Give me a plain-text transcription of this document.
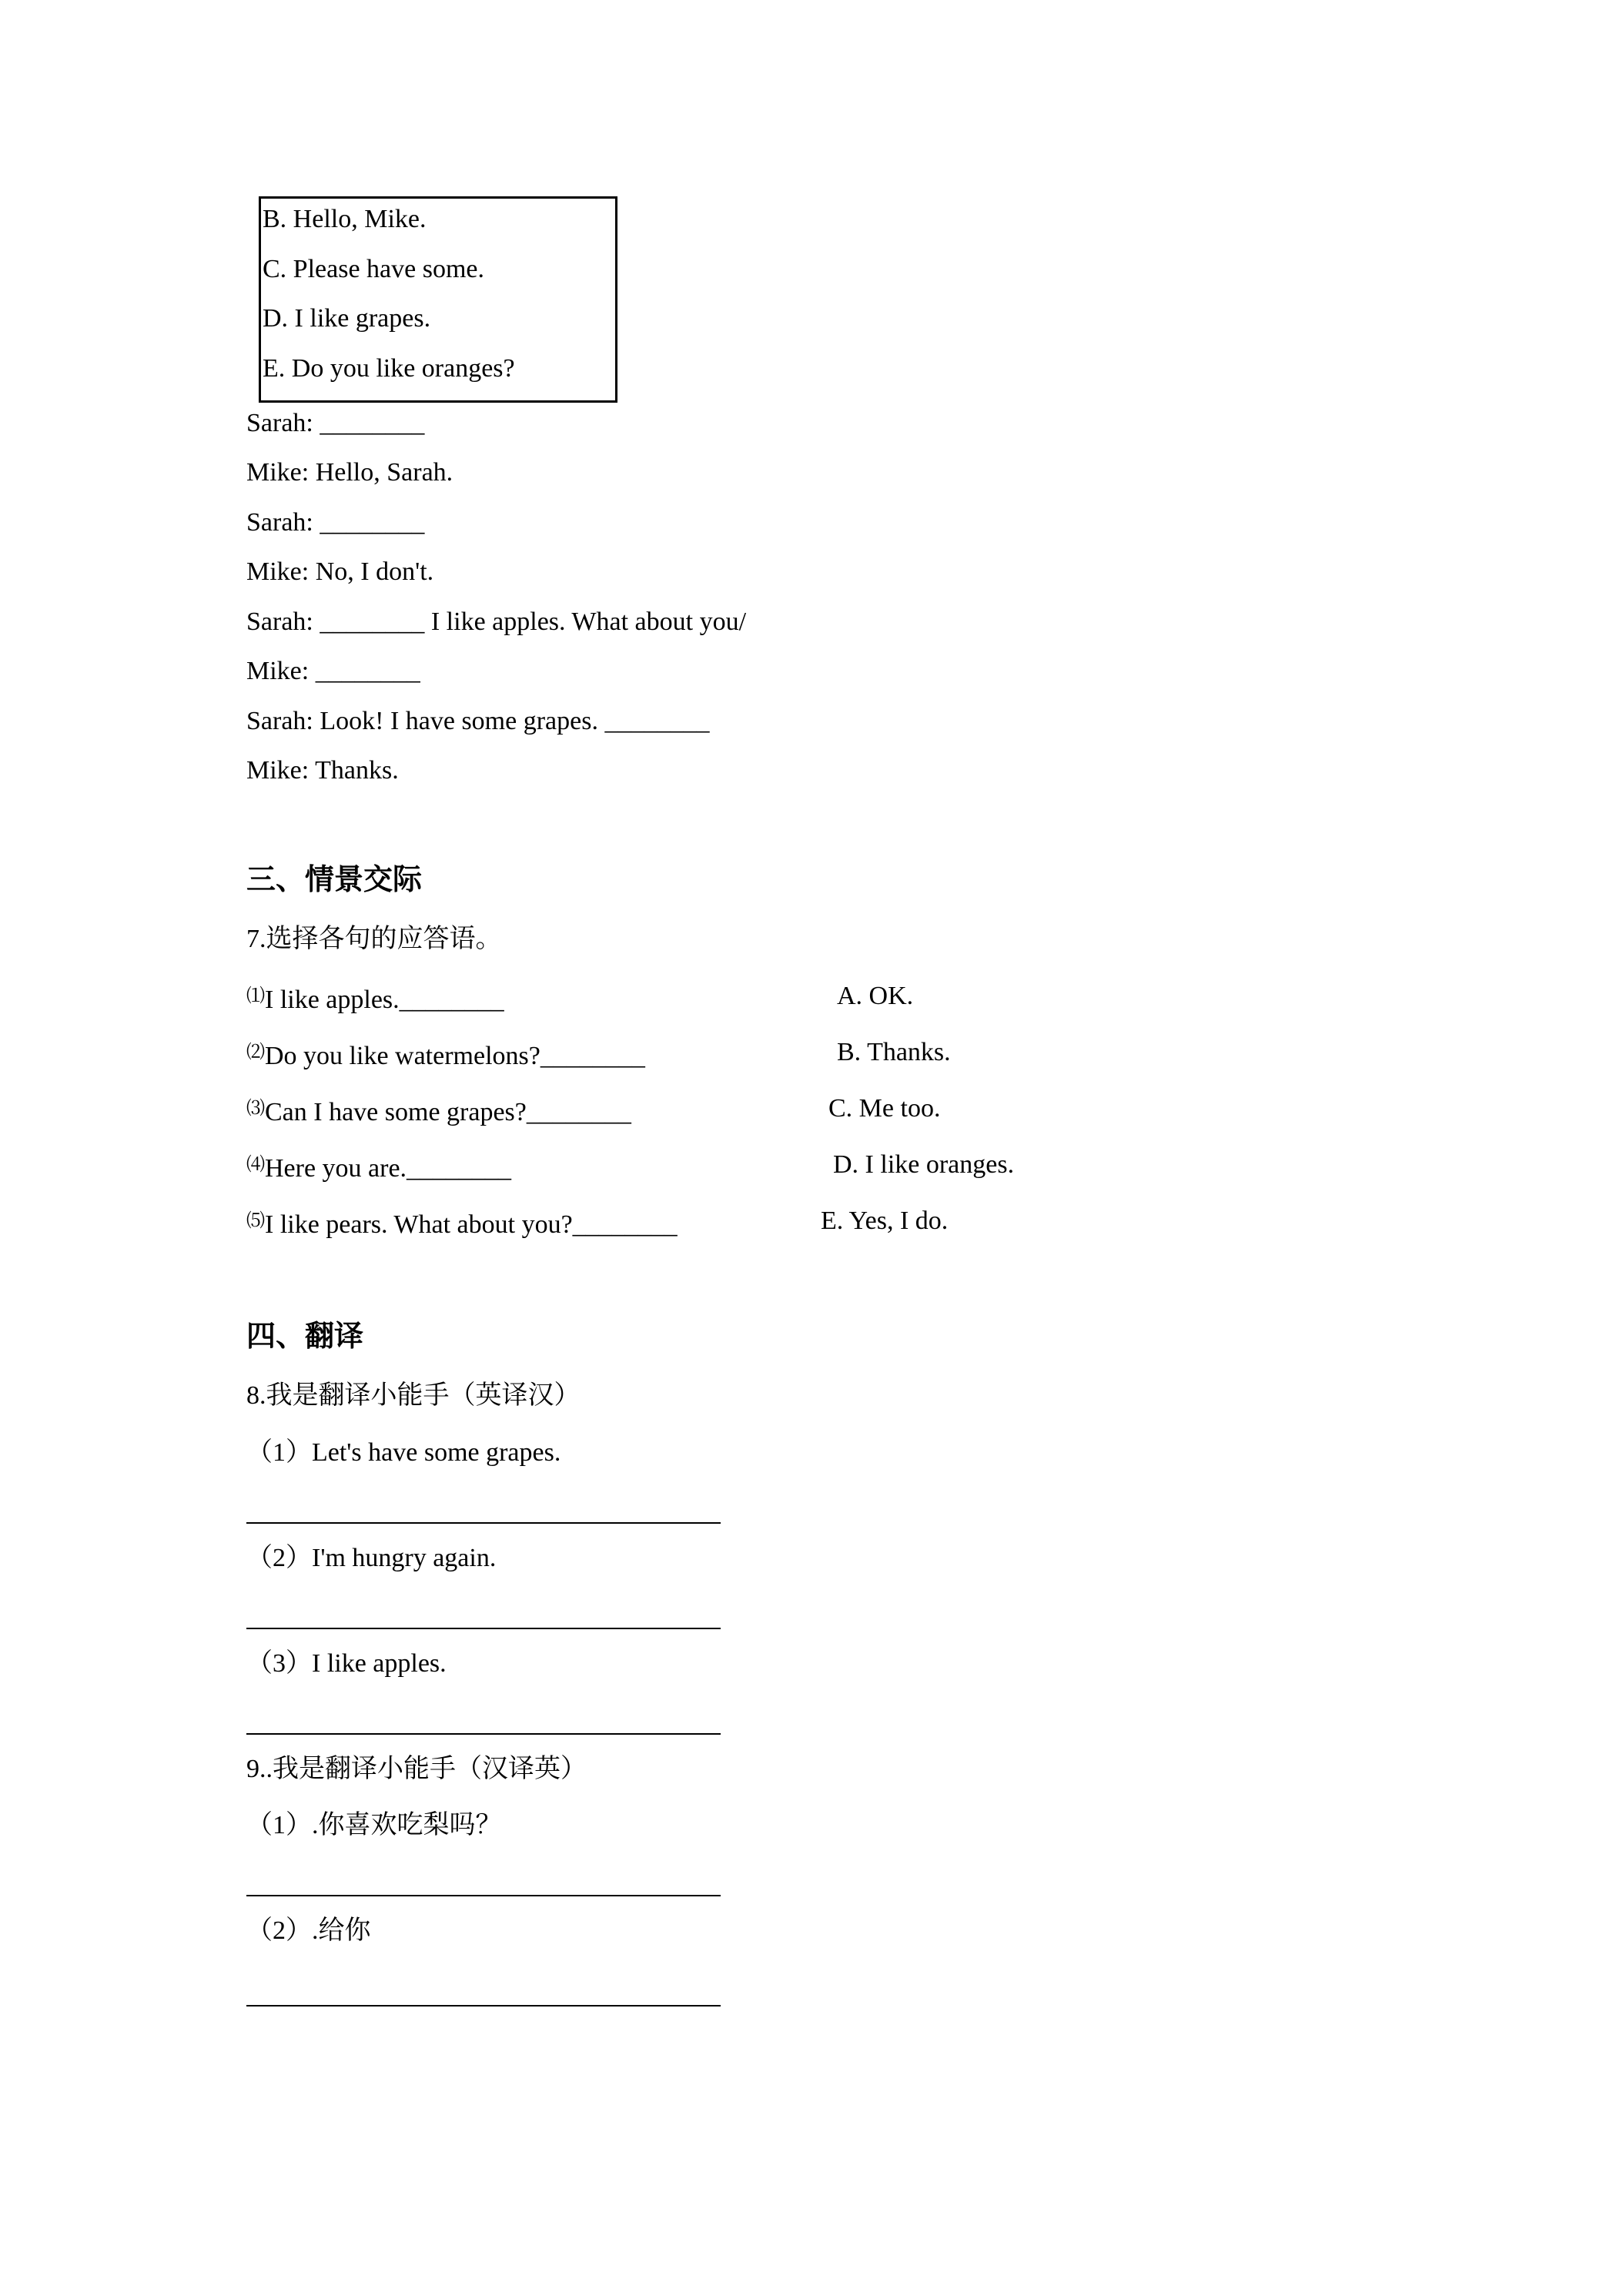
B. Hello, Mike.
C. Please have some.
D. I like grapes.
E. Do you like oranges?
Sarah: ________
Mike: Hello, Sarah.
Sarah: ________
Mike: No, I don't.
Sarah: ________ I like apples. What about you/
Mike: ________
Sarah: Look! I have some grapes. ________
Mike: Thanks.
三、情景交际
7.选择各句的应答语。
⑴I like apples.________	A. OK.
⑵Do you like watermelons?________	B. Thanks.
⑶Can I have some grapes?________	C. Me too.
⑷Here you are.________	D. I like oranges.
⑸I like pears. What about you?________	E. Yes, I do.
四、翻译
8.我是翻译小能手（英译汉）
（1）Let's have some grapes.
（2）I'm hungry again.
（3）I like apples.
9..我是翻译小能手（汉译英）
（1）.你喜欢吃梨吗？
（2）.给你
